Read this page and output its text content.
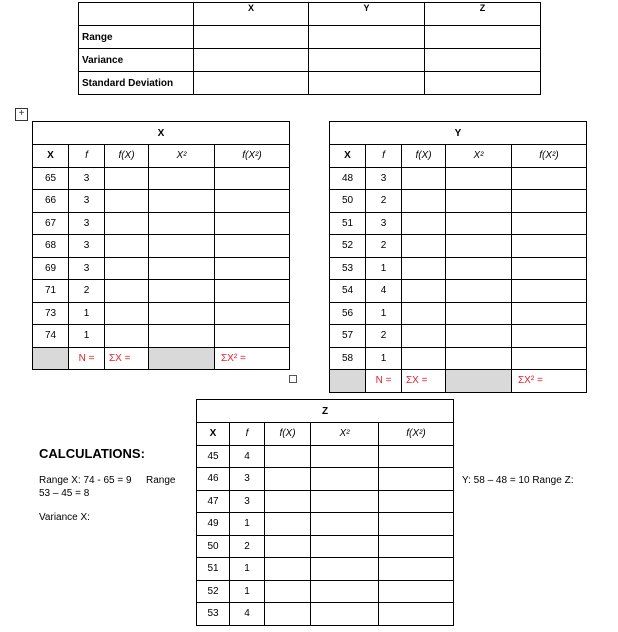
	X	Y	Z
Range			
Variance			
Standard Deviation			
+
X				
X	f	f(X)	X²	f(X²)
65	3			
66	3			
67	3			
68	3			
69	3			
71	2			
73	1			
74	1			
	N =	ΣX =		ΣX² =
Y				
X	f	f(X)	X²	f(X²)
48	3			
50	2			
51	3			
52	2			
53	1			
54	4			
56	1			
57	2			
58	1			
	N =	ΣX =		ΣX² =
Z				
X	f	f(X)	X²	f(X²)
45	4			
46	3			
47	3			
49	1			
50	2			
51	1			
52	1			
53	4			
CALCULATIONS:
Range X: 74 - 65 = 9 Range
53 – 45 = 8
Y: 58 – 48 = 10 Range Z:
Variance X:
